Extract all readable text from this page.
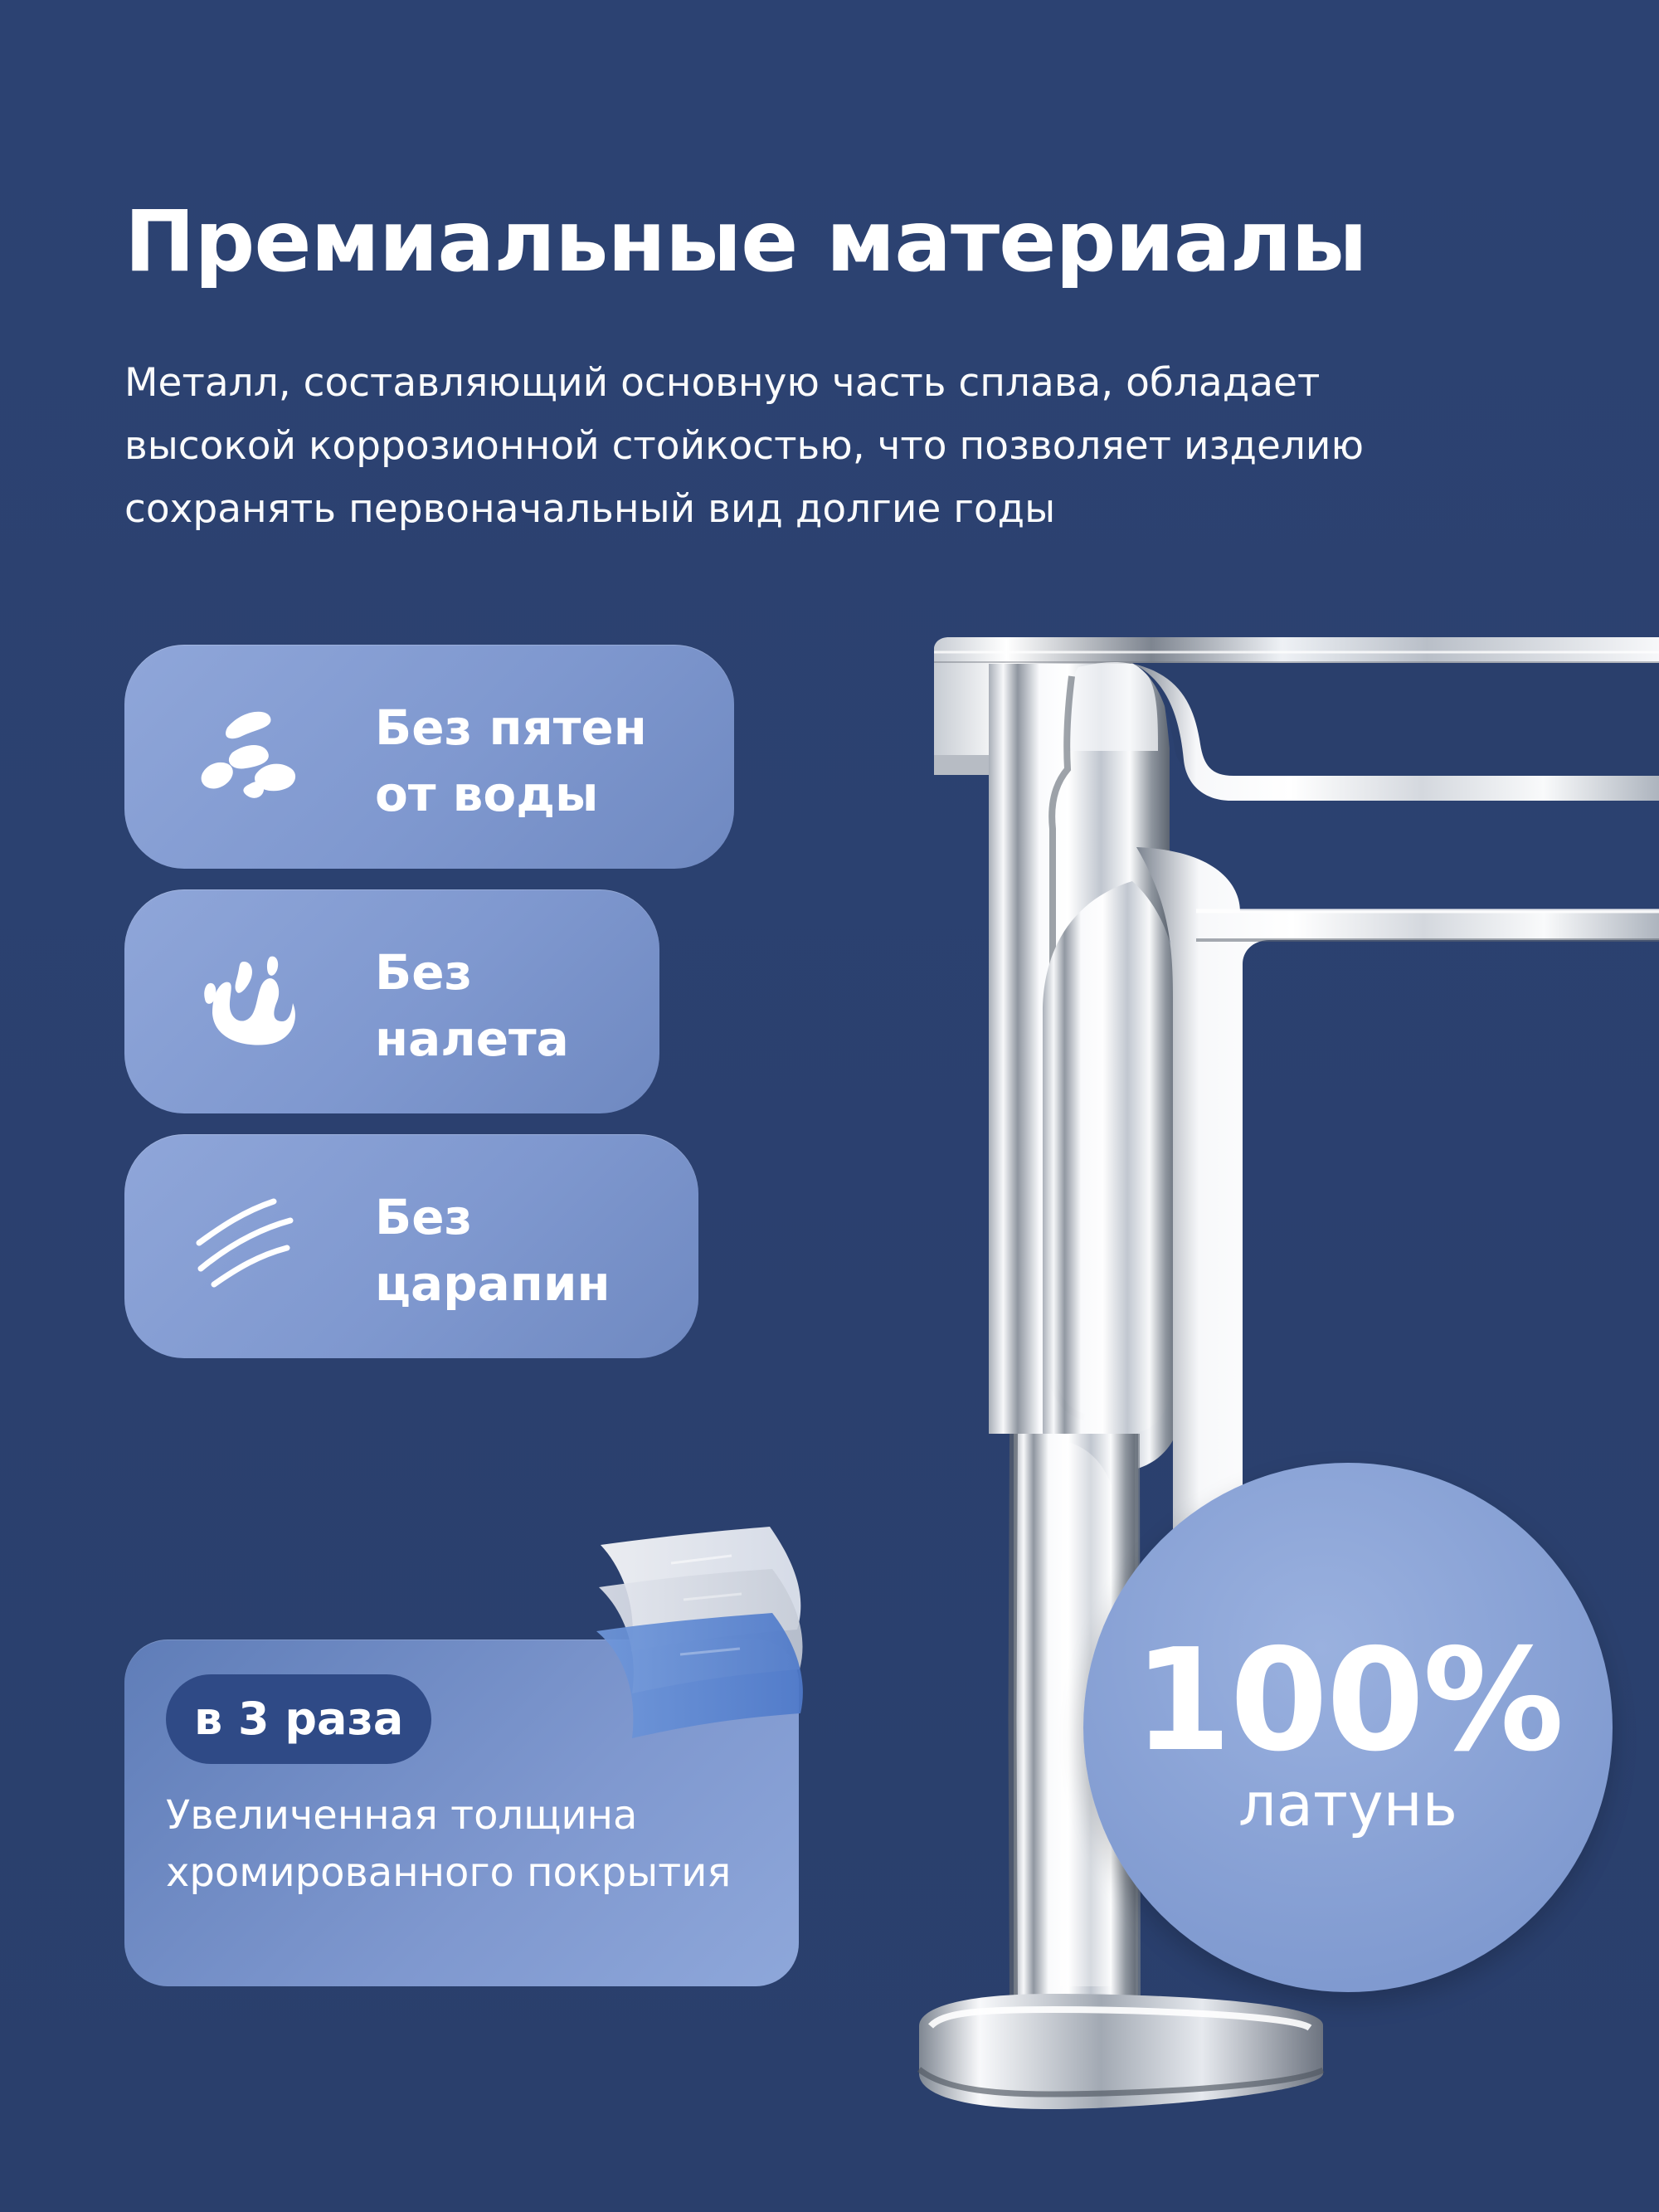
Премиальные материалы
Металл, составляющий основную часть сплава, обладает высокой коррозионной стойкостью, что позволяет изделию сохранять первоначальный вид долгие годы
Без пятен
от воды
Без
налета
Без
царапин
в 3 раза
Увеличенная толщина хромированного покрытия
100%
латунь
